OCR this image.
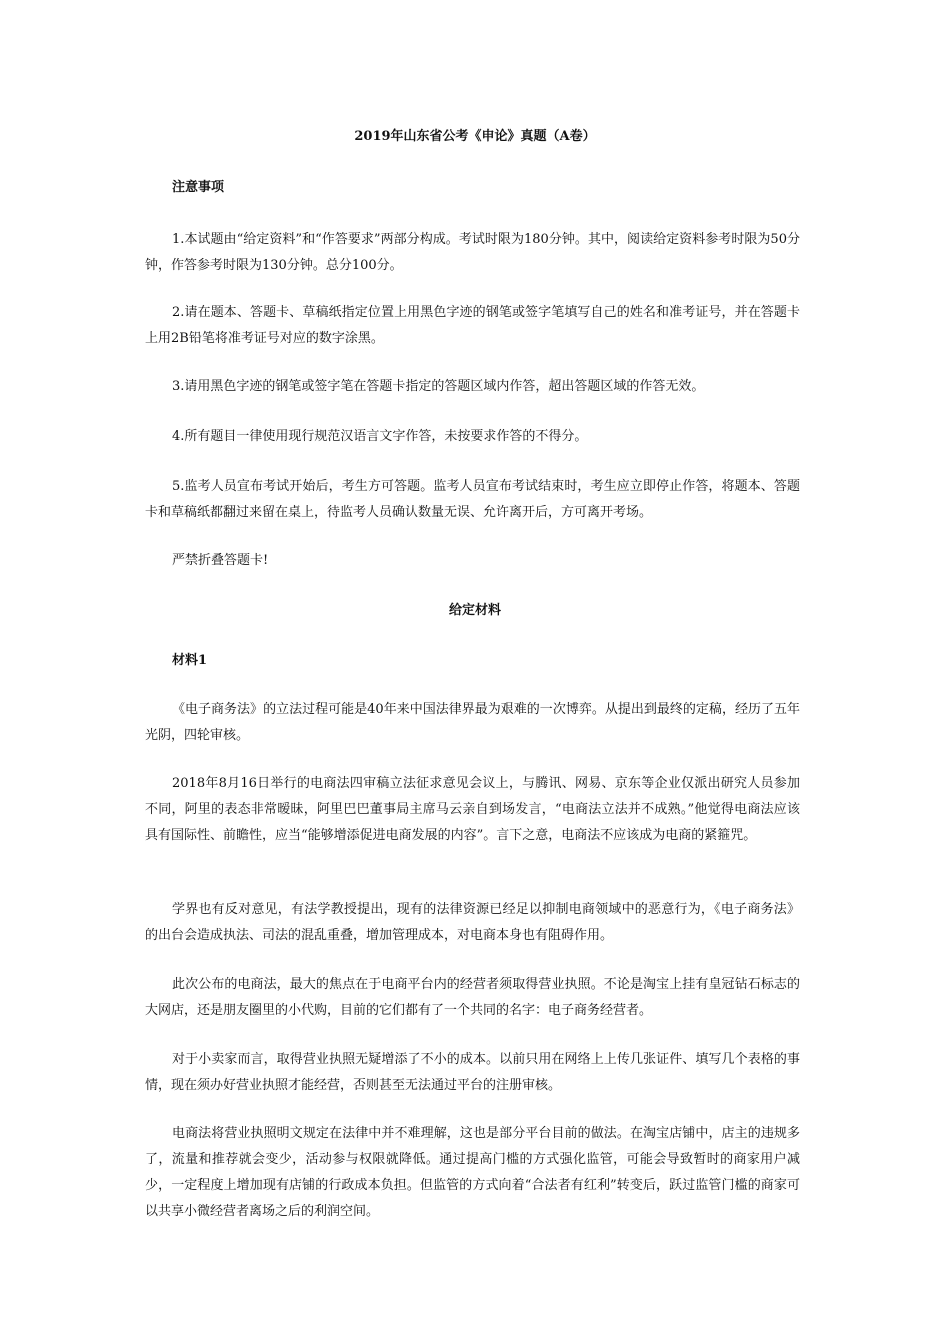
2019年山东省公考《申论》真题（A卷）
注意事项
1.本试题由“给定资料”和“作答要求”两部分构成。考试时限为180分钟。其中，阅读给定资料参考时限为50分钟，作答参考时限为130分钟。总分100分。
2.请在题本、答题卡、草稿纸指定位置上用黑色字迹的钢笔或签字笔填写自己的姓名和准考证号，并在答题卡上用2B铅笔将准考证号对应的数字涂黑。
3.请用黑色字迹的钢笔或签字笔在答题卡指定的答题区域内作答，超出答题区域的作答无效。
4.所有题目一律使用现行规范汉语言文字作答，未按要求作答的不得分。
5.监考人员宣布考试开始后，考生方可答题。监考人员宣布考试结束时，考生应立即停止作答，将题本、答题卡和草稿纸都翻过来留在桌上，待监考人员确认数量无误、允许离开后，方可离开考场。
严禁折叠答题卡!
给定材料
材料1
《电子商务法》的立法过程可能是40年来中国法律界最为艰难的一次博弈。从提出到最终的定稿，经历了五年光阴，四轮审核。
2018年8月16日举行的电商法四审稿立法征求意见会议上，与腾讯、网易、京东等企业仅派出研究人员参加不同，阿里的表态非常暧昧，阿里巴巴董事局主席马云亲自到场发言，“电商法立法并不成熟。”他觉得电商法应该具有国际性、前瞻性，应当“能够增添促进电商发展的内容”。言下之意，电商法不应该成为电商的紧箍咒。
学界也有反对意见，有法学教授提出，现有的法律资源已经足以抑制电商领域中的恶意行为，《电子商务法》的出台会造成执法、司法的混乱重叠，增加管理成本，对电商本身也有阻碍作用。
此次公布的电商法，最大的焦点在于电商平台内的经营者须取得营业执照。不论是淘宝上挂有皇冠钻石标志的大网店，还是朋友圈里的小代购，目前的它们都有了一个共同的名字：电子商务经营者。
对于小卖家而言，取得营业执照无疑增添了不小的成本。以前只用在网络上上传几张证件、填写几个表格的事情，现在须办好营业执照才能经营，否则甚至无法通过平台的注册审核。
电商法将营业执照明文规定在法律中并不难理解，这也是部分平台目前的做法。在淘宝店铺中，店主的违规多了，流量和推荐就会变少，活动参与权限就降低。通过提高门槛的方式强化监管，可能会导致暂时的商家用户减少，一定程度上增加现有店铺的行政成本负担。但监管的方式向着“合法者有红利”转变后，跃过监管门槛的商家可以共享小微经营者离场之后的利润空间。
